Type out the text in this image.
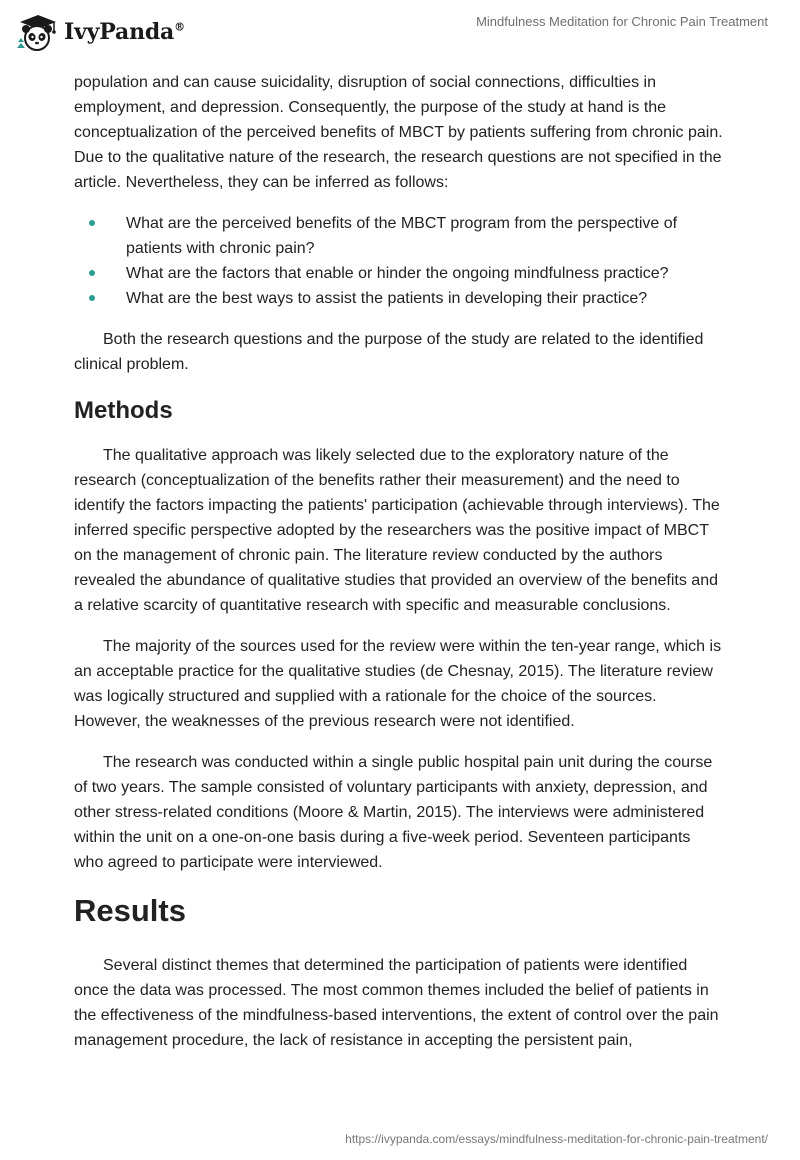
IvyPanda®	Mindfulness Meditation for Chronic Pain Treatment

population and can cause suicidality, disruption of social connections, difficulties in employment, and depression. Consequently, the purpose of the study at hand is the conceptualization of the perceived benefits of MBCT by patients suffering from chronic pain. Due to the qualitative nature of the research, the research questions are not specified in the article. Nevertheless, they can be inferred as follows:

What are the perceived benefits of the MBCT program from the perspective of patients with chronic pain?
What are the factors that enable or hinder the ongoing mindfulness practice?
What are the best ways to assist the patients in developing their practice?

Both the research questions and the purpose of the study are related to the identified clinical problem.

Methods

The qualitative approach was likely selected due to the exploratory nature of the research (conceptualization of the benefits rather their measurement) and the need to identify the factors impacting the patients' participation (achievable through interviews). The inferred specific perspective adopted by the researchers was the positive impact of MBCT on the management of chronic pain. The literature review conducted by the authors revealed the abundance of qualitative studies that provided an overview of the benefits and a relative scarcity of quantitative research with specific and measurable conclusions.

The majority of the sources used for the review were within the ten-year range, which is an acceptable practice for the qualitative studies (de Chesnay, 2015). The literature review was logically structured and supplied with a rationale for the choice of the sources. However, the weaknesses of the previous research were not identified.

The research was conducted within a single public hospital pain unit during the course of two years. The sample consisted of voluntary participants with anxiety, depression, and other stress-related conditions (Moore & Martin, 2015). The interviews were administered within the unit on a one-on-one basis during a five-week period. Seventeen participants who agreed to participate were interviewed.

Results

Several distinct themes that determined the participation of patients were identified once the data was processed. The most common themes included the belief of patients in the effectiveness of the mindfulness-based interventions, the extent of control over the pain management procedure, the lack of resistance in accepting the persistent pain,

https://ivypanda.com/essays/mindfulness-meditation-for-chronic-pain-treatment/
